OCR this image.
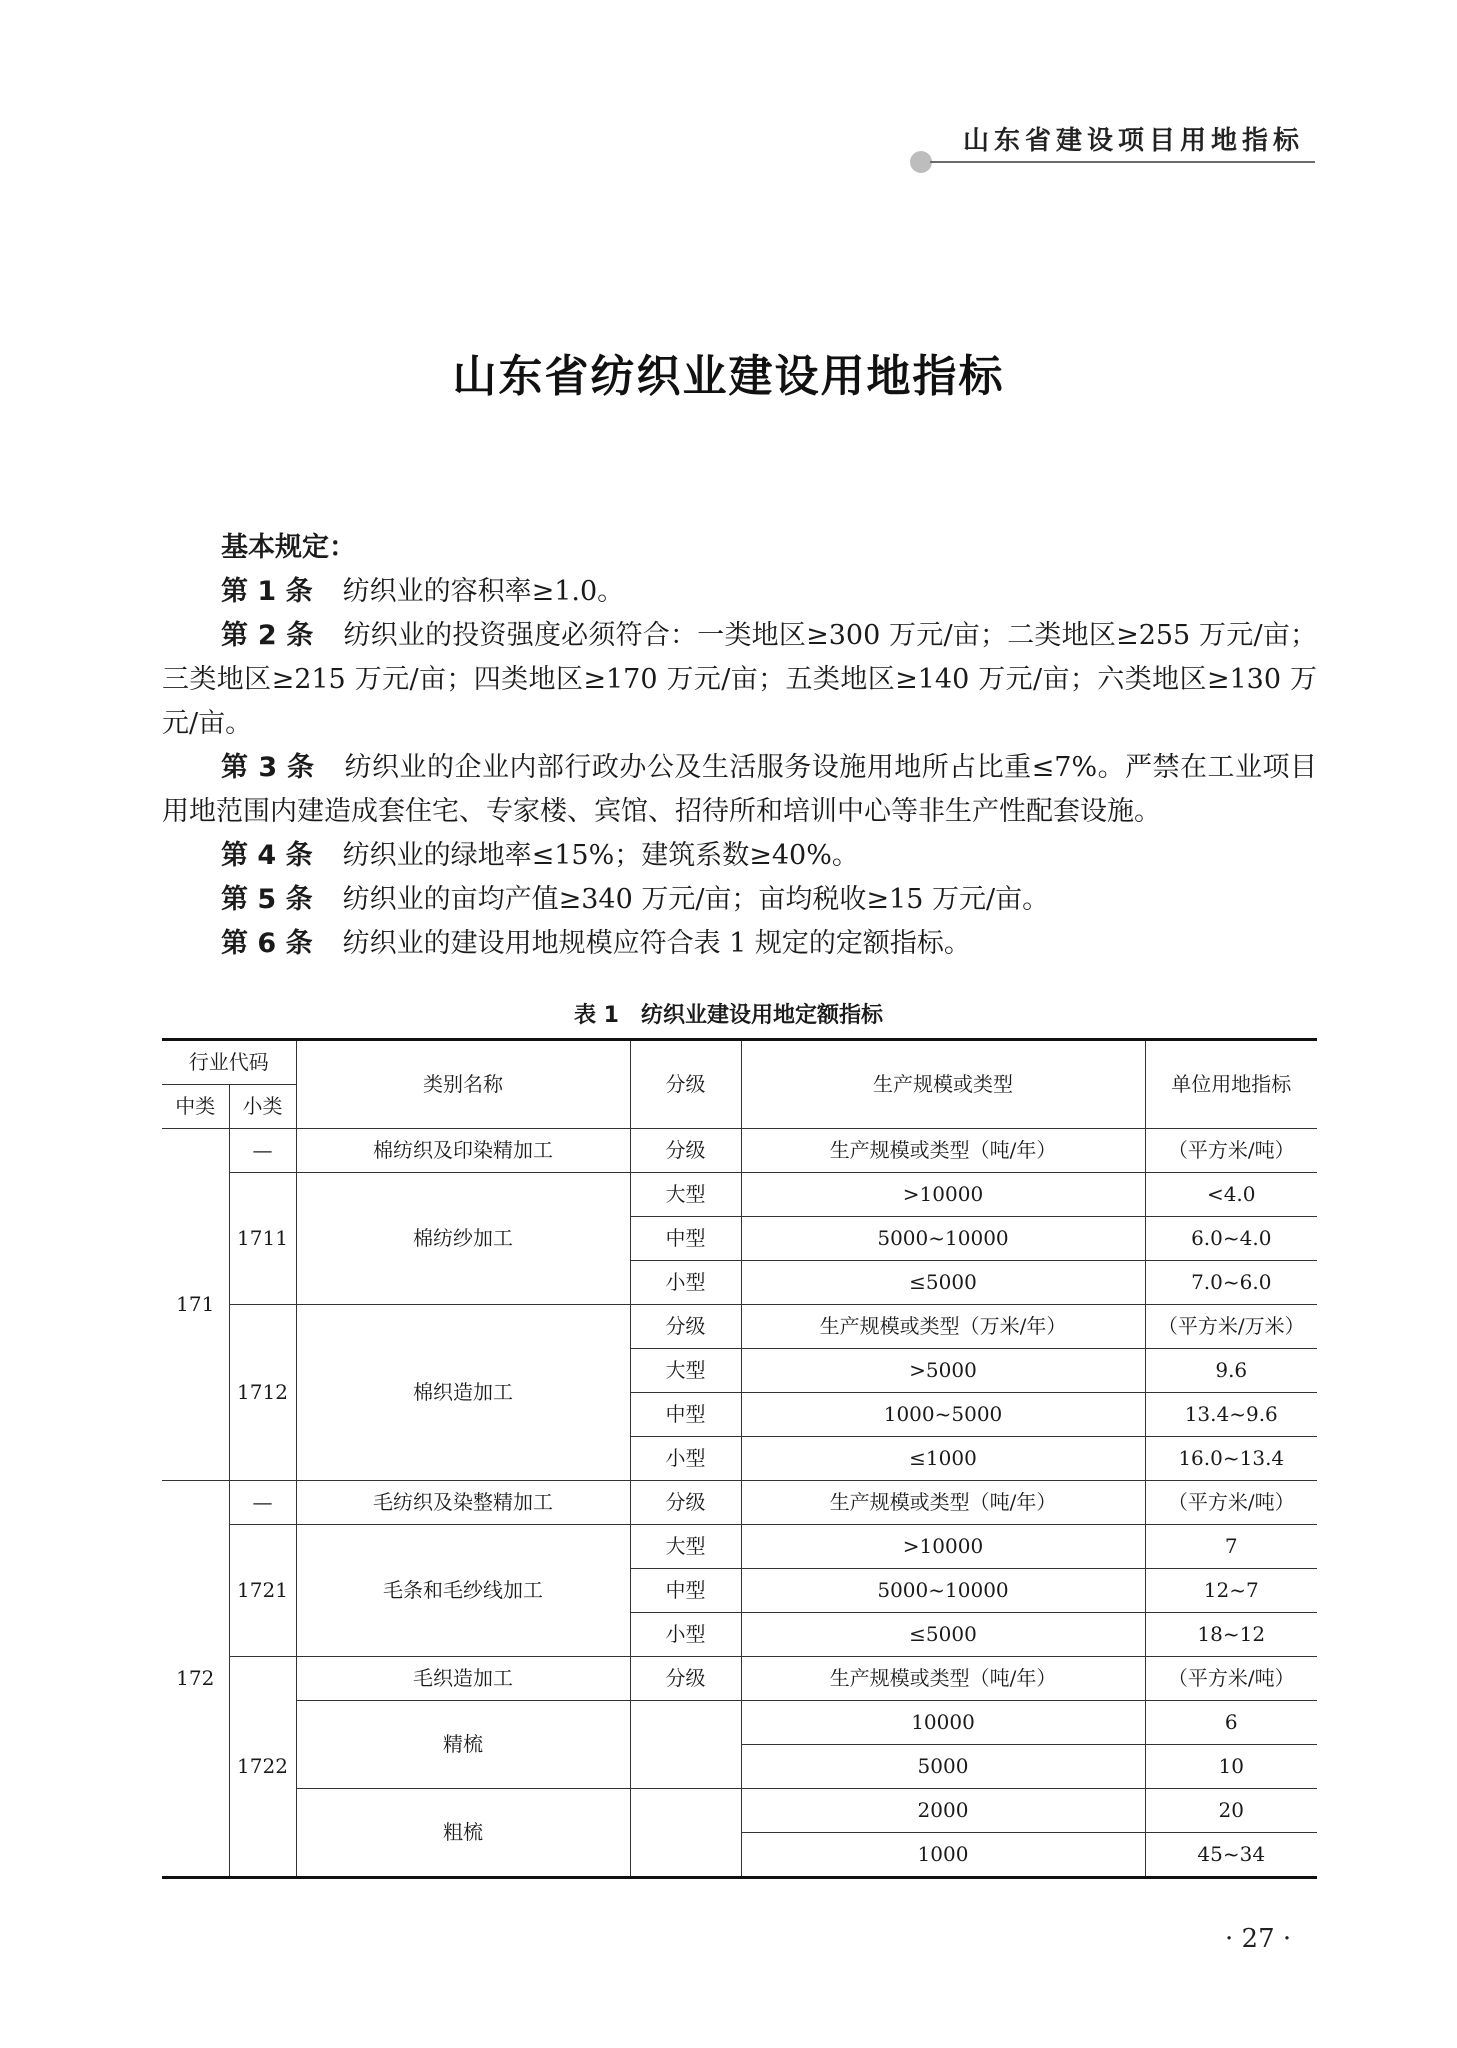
山东省建设项目用地指标
山东省纺织业建设用地指标

基本规定：

第 1 条 纺织业的容积率≥1.0。

第 2 条 纺织业的投资强度必须符合：一类地区≥300 万元/亩；二类地区≥255 万元/亩；三类地区≥215 万元/亩；四类地区≥170 万元/亩；五类地区≥140 万元/亩；六类地区≥130 万元/亩。

第 3 条 纺织业的企业内部行政办公及生活服务设施用地所占比重≤7%。严禁在工业项目用地范围内建造成套住宅、专家楼、宾馆、招待所和培训中心等非生产性配套设施。

第 4 条 纺织业的绿地率≤15%；建筑系数≥40%。

第 5 条 纺织业的亩均产值≥340 万元/亩；亩均税收≥15 万元/亩。

第 6 条 纺织业的建设用地规模应符合表 1 规定的定额指标。

表 1 纺织业建设用地定额指标
行业代码		类别名称	分级	生产规模或类型	单位用地指标
中类	小类				
171	—	棉纺织及印染精加工	分级	生产规模或类型（吨/年）	（平方米/吨）
	1711	棉纺纱加工	大型	>10000	<4.0
			中型	5000~10000	6.0~4.0
			小型	≤5000	7.0~6.0
	1712	棉织造加工	分级	生产规模或类型（万米/年）	（平方米/万米）
			大型	>5000	9.6
			中型	1000~5000	13.4~9.6
			小型	≤1000	16.0~13.4
172	—	毛纺织及染整精加工	分级	生产规模或类型（吨/年）	（平方米/吨）
	1721	毛条和毛纱线加工	大型	>10000	7
			中型	5000~10000	12~7
			小型	≤5000	18~12
	1722	毛织造加工	分级	生产规模或类型（吨/年）	（平方米/吨）
		精梳		10000	6
				5000	10
		粗梳		2000	20
				1000	45~34
· 27 ·
